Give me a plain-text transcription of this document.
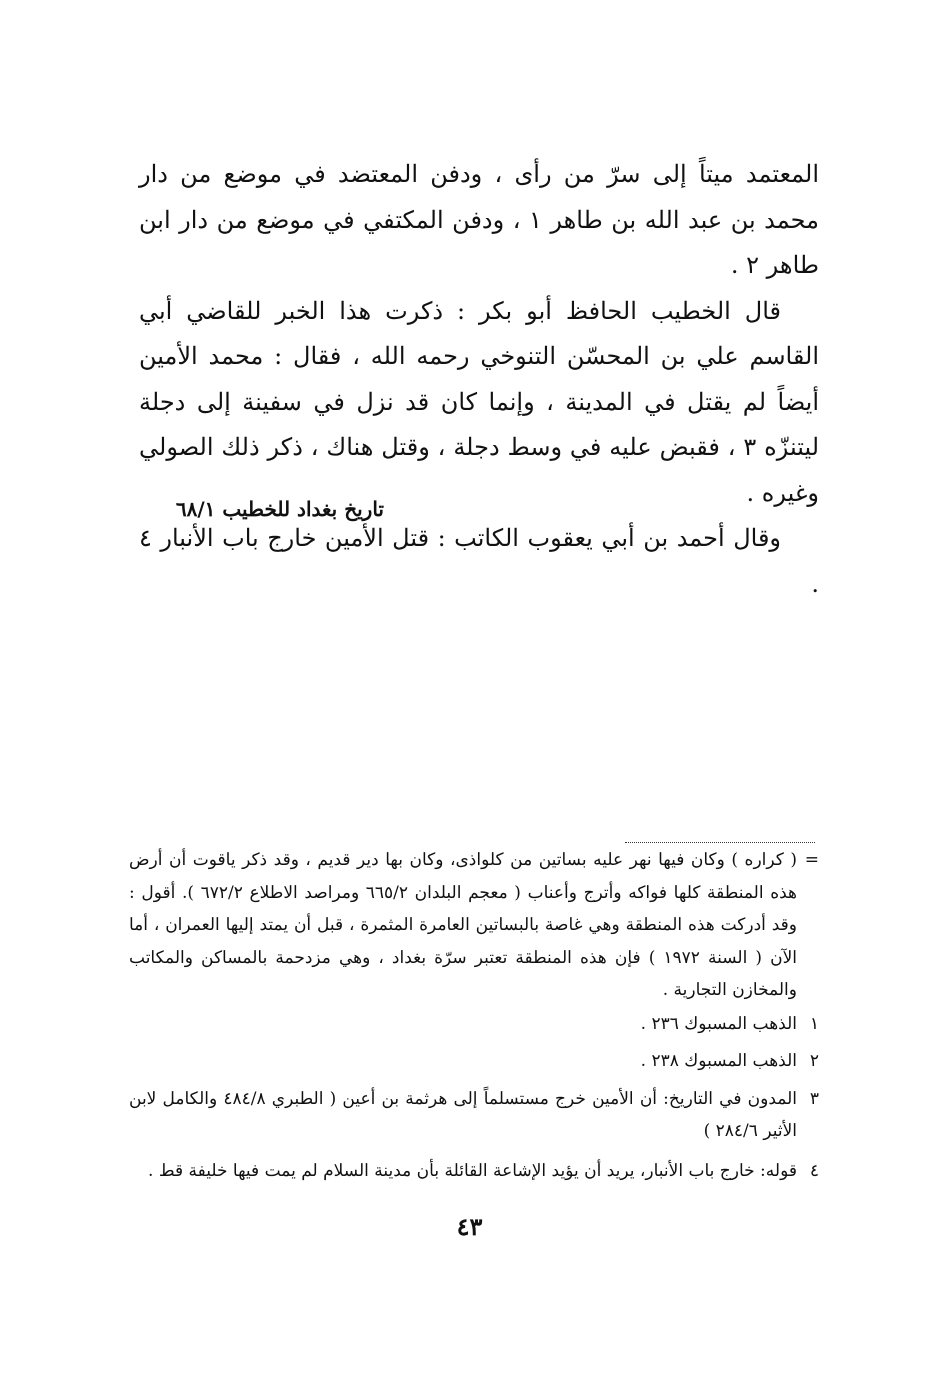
المعتمد ميتاً إلى سرّ من رأى ، ودفن المعتضد في موضع من دار محمد بن عبد الله بن طاهر ١ ، ودفن المكتفي في موضع من دار ابن طاهر ٢ .

قال الخطيب الحافظ أبو بكر : ذكرت هذا الخبر للقاضي أبي القاسم علي بن المحسّن التنوخي رحمه الله ، فقال : محمد الأمين أيضاً لم يقتل في المدينة ، وإنما كان قد نزل في سفينة إلى دجلة ليتنزّه ٣ ، فقبض عليه في وسط دجلة ، وقتل هناك ، ذكر ذلك الصولي وغيره .

وقال أحمد بن أبي يعقوب الكاتب : قتل الأمين خارج باب الأنبار ٤ .

تاريخ بغداد للخطيب ٦٨/١
=
( كراره ) وكان فيها نهر عليه بساتين من كلواذى، وكان بها دير قديم ، وقد ذكر ياقوت أن أرض هذه المنطقة كلها فواكه وأترج وأعناب ( معجم البلدان ٦٦٥/٢ ومراصد الاطلاع ٦٧٢/٢ ). أقول : وقد أدركت هذه المنطقة وهي غاصة بالبساتين العامرة المثمرة ، قبل أن يمتد إليها العمران ، أما الآن ( السنة ١٩٧٢ ) فإن هذه المنطقة تعتبر سرّة بغداد ، وهي مزدحمة بالمساكن والمكاتب والمخازن التجارية .
١
الذهب المسبوك ٢٣٦ .
٢
الذهب المسبوك ٢٣٨ .
٣
المدون في التاريخ: أن الأمين خرج مستسلماً إلى هرثمة بن أعين ( الطبري ٤٨٤/٨ والكامل لابن الأثير ٢٨٤/٦ )
٤
قوله: خارج باب الأنبار، يريد أن يؤيد الإشاعة القائلة بأن مدينة السلام لم يمت فيها خليفة قط .
٤٣
